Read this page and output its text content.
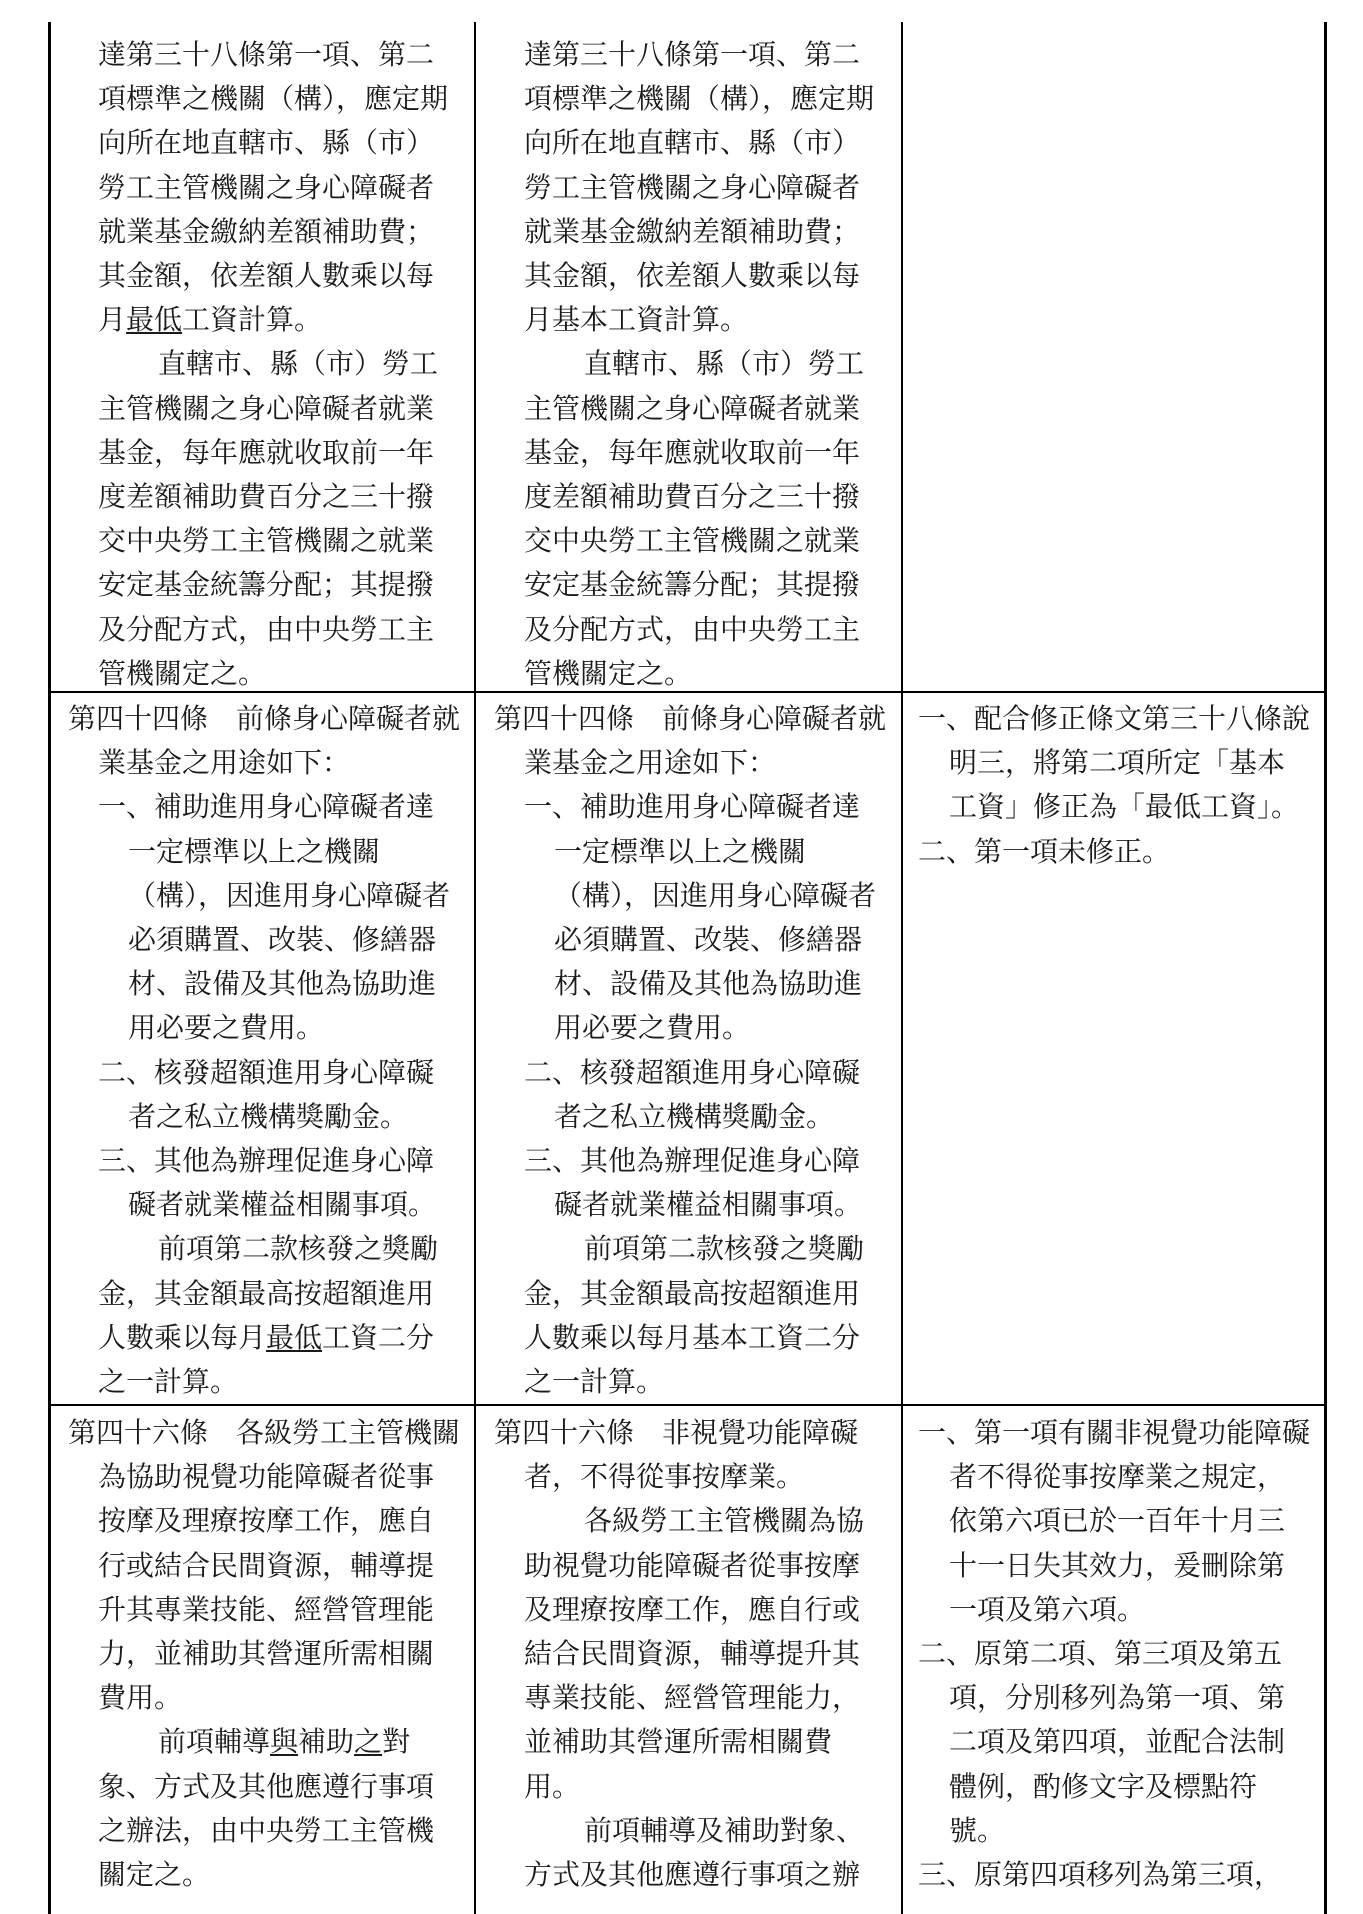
達第三十八條第一項、第二項標準之機關（構），應定期向所在地直轄市、縣（市）勞工主管機關之身心障礙者就業基金繳納差額補助費；其金額，依差額人數乘以每月最低工資計算。
直轄市、縣（市）勞工主管機關之身心障礙者就業基金，每年應就收取前一年度差額補助費百分之三十撥交中央勞工主管機關之就業安定基金統籌分配；其提撥及分配方式，由中央勞工主管機關定之。
達第三十八條第一項、第二項標準之機關（構），應定期向所在地直轄市、縣（市）勞工主管機關之身心障礙者就業基金繳納差額補助費；其金額，依差額人數乘以每月基本工資計算。
直轄市、縣（市）勞工主管機關之身心障礙者就業基金，每年應就收取前一年度差額補助費百分之三十撥交中央勞工主管機關之就業安定基金統籌分配；其提撥及分配方式，由中央勞工主管機關定之。
第四十四條　前條身心障礙者就業基金之用途如下：
一、補助進用身心障礙者達一定標準以上之機關（構），因進用身心障礙者必須購置、改裝、修繕器材、設備及其他為協助進用必要之費用。
二、核發超額進用身心障礙者之私立機構獎勵金。
三、其他為辦理促進身心障礙者就業權益相關事項。
前項第二款核發之獎勵金，其金額最高按超額進用人數乘以每月最低工資二分之一計算。
第四十四條　前條身心障礙者就業基金之用途如下：
一、補助進用身心障礙者達一定標準以上之機關（構），因進用身心障礙者必須購置、改裝、修繕器材、設備及其他為協助進用必要之費用。
二、核發超額進用身心障礙者之私立機構獎勵金。
三、其他為辦理促進身心障礙者就業權益相關事項。
前項第二款核發之獎勵金，其金額最高按超額進用人數乘以每月基本工資二分之一計算。
一、配合修正條文第三十八條說明三，將第二項所定「基本工資」修正為「最低工資」。
二、第一項未修正。
第四十六條　各級勞工主管機關為協助視覺功能障礙者從事按摩及理療按摩工作，應自行或結合民間資源，輔導提升其專業技能、經營管理能力，並補助其營運所需相關費用。
前項輔導與補助之對象、方式及其他應遵行事項之辦法，由中央勞工主管機關定之。
第四十六條　非視覺功能障礙者，不得從事按摩業。
各級勞工主管機關為協助視覺功能障礙者從事按摩及理療按摩工作，應自行或結合民間資源，輔導提升其專業技能、經營管理能力，並補助其營運所需相關費用。
前項輔導及補助對象、方式及其他應遵行事項之辦
一、第一項有關非視覺功能障礙者不得從事按摩業之規定，依第六項已於一百年十月三十一日失其效力，爰刪除第一項及第六項。
二、原第二項、第三項及第五項，分別移列為第一項、第二項及第四項，並配合法制體例，酌修文字及標點符號。
三、原第四項移列為第三項，
